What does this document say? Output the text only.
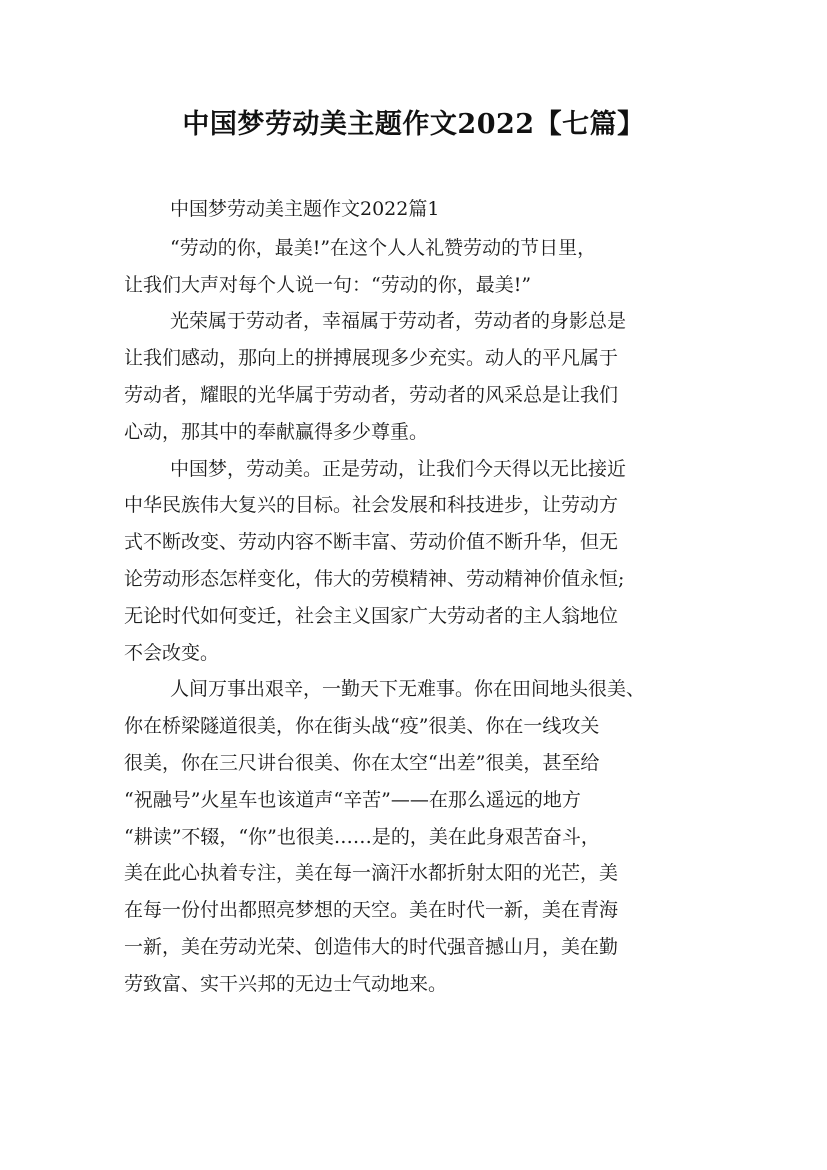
中国梦劳动美主题作文2022【七篇】
中国梦劳动美主题作文2022篇1
“劳动的你，最美!”在这个人人礼赞劳动的节日里，
让我们大声对每个人说一句：“劳动的你，最美!”
光荣属于劳动者，幸福属于劳动者，劳动者的身影总是
让我们感动，那向上的拼搏展现多少充实。动人的平凡属于
劳动者，耀眼的光华属于劳动者，劳动者的风采总是让我们
心动，那其中的奉献赢得多少尊重。
中国梦，劳动美。正是劳动，让我们今天得以无比接近
中华民族伟大复兴的目标。社会发展和科技进步，让劳动方
式不断改变、劳动内容不断丰富、劳动价值不断升华，但无
论劳动形态怎样变化，伟大的劳模精神、劳动精神价值永恒;
无论时代如何变迁，社会主义国家广大劳动者的主人翁地位
不会改变。
人间万事出艰辛，一勤天下无难事。你在田间地头很美、
你在桥梁隧道很美，你在街头战“疫”很美、你在一线攻关
很美，你在三尺讲台很美、你在太空“出差”很美，甚至给
“祝融号”火星车也该道声“辛苦”——在那么遥远的地方
“耕读”不辍，“你”也很美……是的，美在此身艰苦奋斗，
美在此心执着专注，美在每一滴汗水都折射太阳的光芒，美
在每一份付出都照亮梦想的天空。美在时代一新，美在青海
一新，美在劳动光荣、创造伟大的时代强音撼山月，美在勤
劳致富、实干兴邦的无边士气动地来。
